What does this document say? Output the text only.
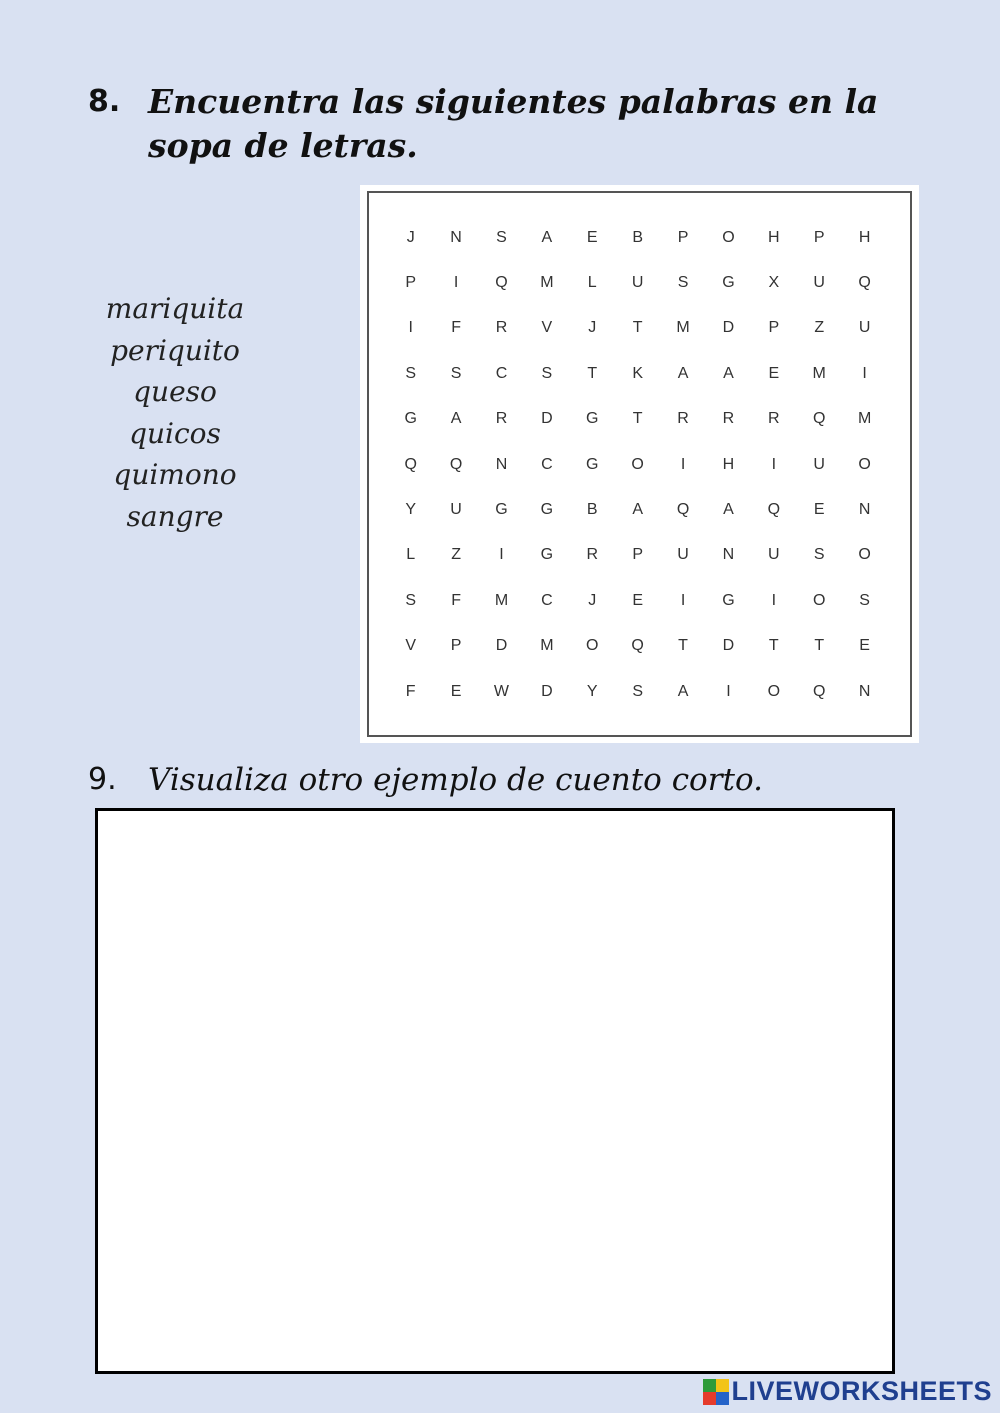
8. Encuentra las siguientes palabras en la sopa de letras.
mariquita
periquito
queso
quicos
quimono
sangre
J	N	S	A	E	B	P	O	H	P	H
P	I	Q	M	L	U	S	G	X	U	Q
I	F	R	V	J	T	M	D	P	Z	U
S	S	C	S	T	K	A	A	E	M	I
G	A	R	D	G	T	R	R	R	Q	M
Q	Q	N	C	G	O	I	H	I	U	O
Y	U	G	G	B	A	Q	A	Q	E	N
L	Z	I	G	R	P	U	N	U	S	O
S	F	M	C	J	E	I	G	I	O	S
V	P	D	M	O	Q	T	D	T	T	E
F	E	W	D	Y	S	A	I	O	Q	N
9. Visualiza otro ejemplo de cuento corto.
LIVEWORKSHEETS
